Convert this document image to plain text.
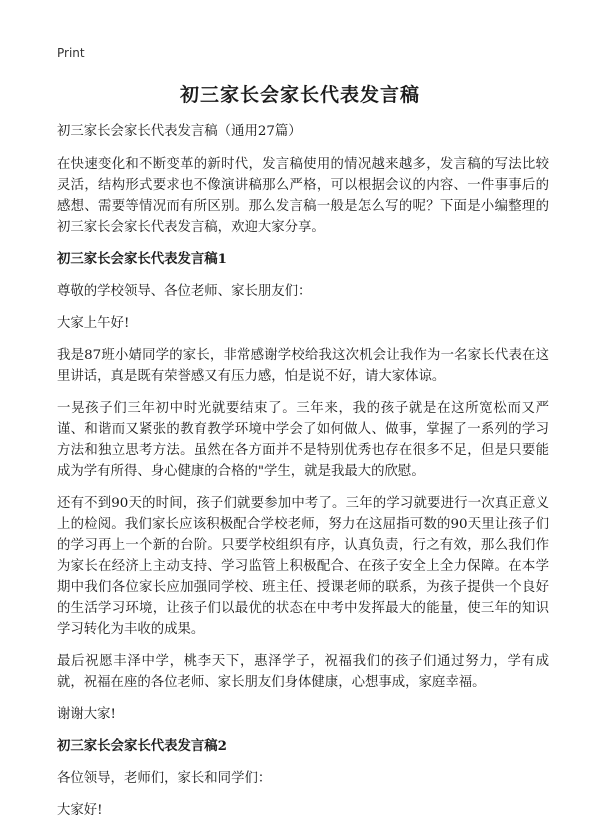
Print
初三家长会家长代表发言稿

初三家长会家长代表发言稿（通用27篇）

在快速变化和不断变革的新时代，发言稿使用的情况越来越多，发言稿的写法比较灵活，结构形式要求也不像演讲稿那么严格，可以根据会议的内容、一件事事后的感想、需要等情况而有所区别。那么发言稿一般是怎么写的呢？下面是小编整理的初三家长会家长代表发言稿，欢迎大家分享。

初三家长会家长代表发言稿1

尊敬的学校领导、各位老师、家长朋友们：

大家上午好!

我是87班小婧同学的家长，非常感谢学校给我这次机会让我作为一名家长代表在这里讲话，真是既有荣誉感又有压力感，怕是说不好，请大家体谅。

一晃孩子们三年初中时光就要结束了。三年来，我的孩子就是在这所宽松而又严谨、和谐而又紧张的教育教学环境中学会了如何做人、做事，掌握了一系列的学习方法和独立思考方法。虽然在各方面并不是特别优秀也存在很多不足，但是只要能成为学有所得、身心健康的合格的"学生，就是我最大的欣慰。

还有不到90天的时间，孩子们就要参加中考了。三年的学习就要进行一次真正意义上的检阅。我们家长应该积极配合学校老师，努力在这屈指可数的90天里让孩子们的学习再上一个新的台阶。只要学校组织有序，认真负责，行之有效，那么我们作为家长在经济上主动支持、学习监管上积极配合、在孩子安全上全力保障。在本学期中我们各位家长应加强同学校、班主任、授课老师的联系，为孩子提供一个良好的生活学习环境，让孩子们以最优的状态在中考中发挥最大的能量，使三年的知识学习转化为丰收的成果。

最后祝愿丰泽中学，桃李天下，惠泽学子，祝福我们的孩子们通过努力，学有成就，祝福在座的各位老师、家长朋友们身体健康，心想事成，家庭幸福。

谢谢大家!

初三家长会家长代表发言稿2

各位领导，老师们，家长和同学们：

大家好!
